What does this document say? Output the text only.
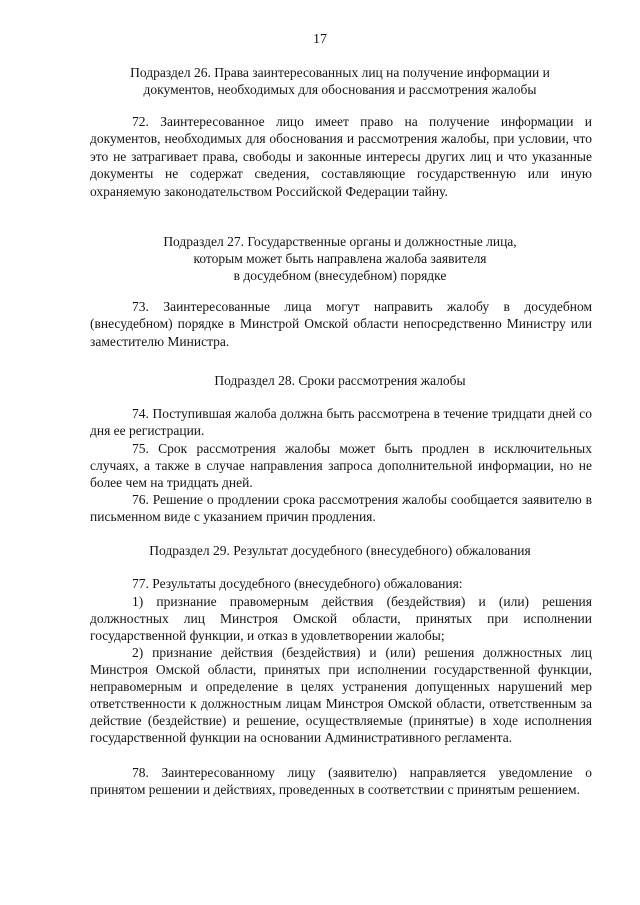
17
Подраздел 26. Права заинтересованных лиц на получение информации и
документов, необходимых для обоснования и рассмотрения жалобы
72. Заинтересованное лицо имеет право на получение информации и документов, необходимых для обоснования и рассмотрения жалобы, при условии, что это не затрагивает права, свободы и законные интересы других лиц и что указанные документы не содержат сведения, составляющие государственную или иную охраняемую законодательством Российской Федерации тайну.
Подраздел 27. Государственные органы и должностные лица,
которым может быть направлена жалоба заявителя
в досудебном (внесудебном) порядке
73. Заинтересованные лица могут направить жалобу в досудебном (внесудебном) порядке в Минстрой Омской области непосредственно Министру или заместителю Министра.
Подраздел 28. Сроки рассмотрения жалобы
74. Поступившая жалоба должна быть рассмотрена в течение тридцати дней со дня ее регистрации.
75. Срок рассмотрения жалобы может быть продлен в исключительных случаях, а также в случае направления запроса дополнительной информации, но не более чем на тридцать дней.
76. Решение о продлении срока рассмотрения жалобы сообщается заявителю в письменном виде с указанием причин продления.
Подраздел 29. Результат досудебного (внесудебного) обжалования
77. Результаты досудебного (внесудебного) обжалования:
1) признание правомерным действия (бездействия) и (или) решения должностных лиц Минстроя Омской области, принятых при исполнении государственной функции, и отказ в удовлетворении жалобы;
2) признание действия (бездействия) и (или) решения должностных лиц Минстроя Омской области, принятых при исполнении государственной функции, неправомерным и определение в целях устранения допущенных нарушений мер ответственности к должностным лицам Минстроя Омской области, ответственным за действие (бездействие) и решение, осуществляемые (принятые) в ходе исполнения государственной функции на основании Административного регламента.
78. Заинтересованному лицу (заявителю) направляется уведомление о принятом решении и действиях, проведенных в соответствии с принятым решением.
